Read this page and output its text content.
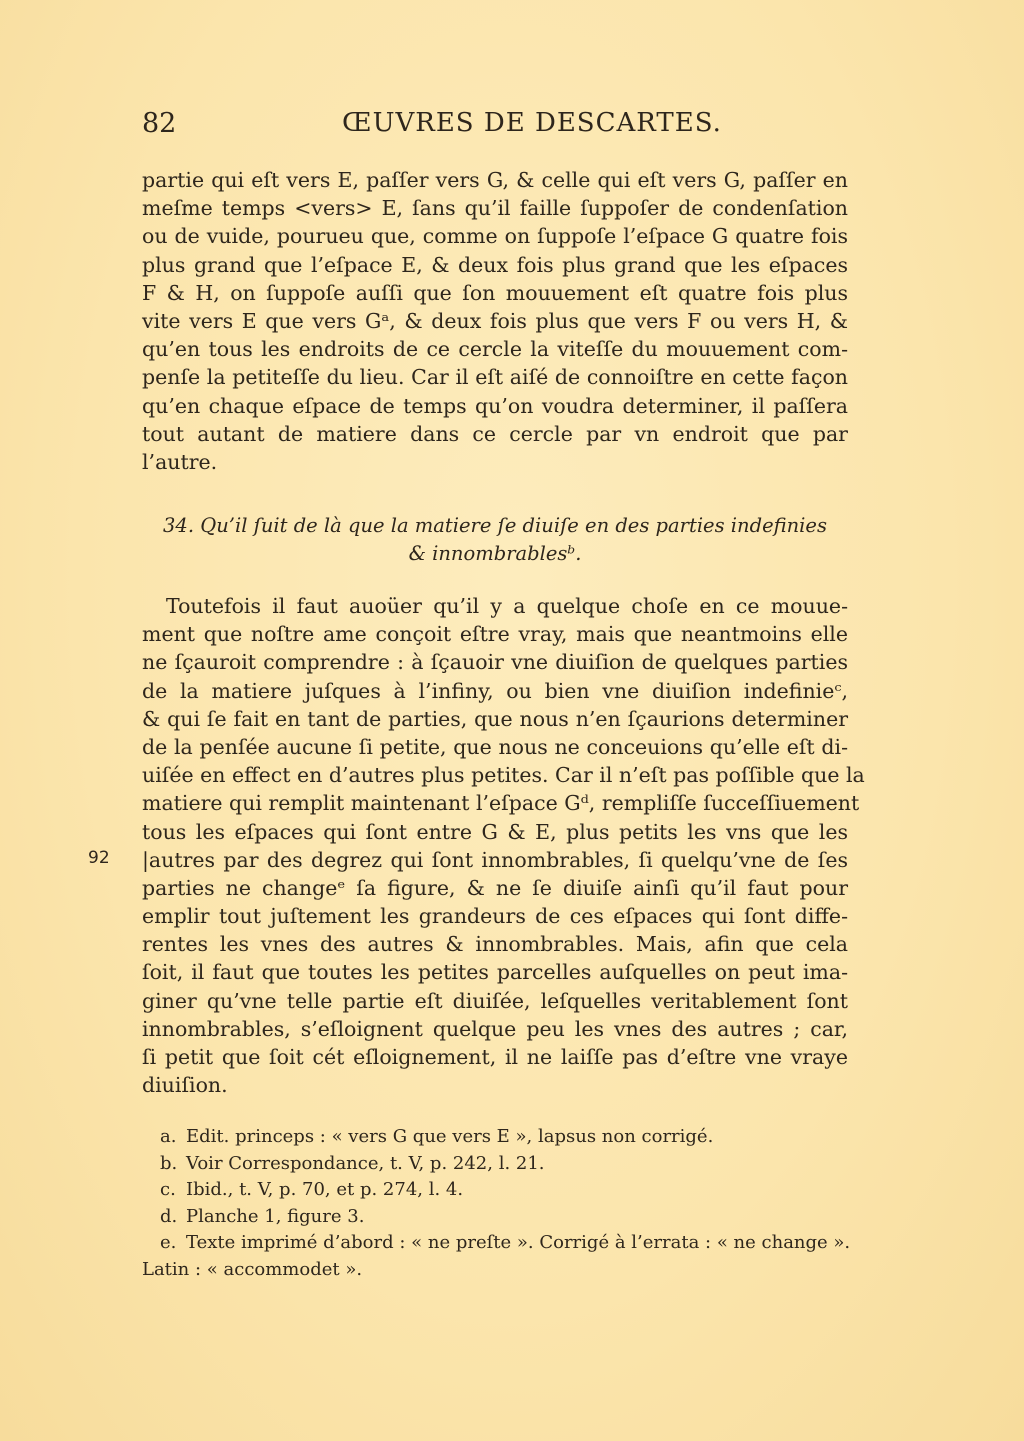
82	ŒUVRES DE DESCARTES.
partie qui eſt vers E, paſſer vers G, & celle qui eſt vers G, paſſer en
meſme temps <vers> E, ſans qu’il faille ſuppoſer de condenſation
ou de vuide, pourueu que, comme on ſuppoſe l’eſpace G quatre fois
plus grand que l’eſpace E, & deux fois plus grand que les eſpaces
F & H, on ſuppoſe auſſi que ſon mouuement eſt quatre fois plus
vite vers E que vers Gᵃ, & deux fois plus que vers F ou vers H, &
qu’en tous les endroits de ce cercle la viteſſe du mouuement com-
penſe la petiteſſe du lieu. Car il eſt aiſé de connoiſtre en cette façon
qu’en chaque eſpace de temps qu’on voudra determiner, il paſſera
tout autant de matiere dans ce cercle par vn endroit que par
l’autre.
34. Qu’il ſuit de là que la matiere ſe diuiſe en des parties indefinies
& innombrablesᵇ.
Toutefois il faut auoüer qu’il y a quelque choſe en ce mouue-
ment que noſtre ame conçoit eſtre vray, mais que neantmoins elle
ne ſçauroit comprendre : à ſçauoir vne diuiſion de quelques parties
de la matiere juſques à l’infiny, ou bien vne diuiſion indefinieᶜ,
& qui ſe fait en tant de parties, que nous n’en ſçaurions determiner
de la penſée aucune ſi petite, que nous ne conceuions qu’elle eſt di-
uiſée en effect en d’autres plus petites. Car il n’eſt pas poſſible que la
matiere qui remplit maintenant l’eſpace Gᵈ, rempliſſe ſucceſſiuement
tous les eſpaces qui ſont entre G & E, plus petits les vns que les
|autres par des degrez qui ſont innombrables, ſi quelqu’vne de ſes
parties ne changeᵉ ſa figure, & ne ſe diuiſe ainſi qu’il faut pour
emplir tout juſtement les grandeurs de ces eſpaces qui ſont diffe-
rentes les vnes des autres & innombrables. Mais, afin que cela
ſoit, il faut que toutes les petites parcelles auſquelles on peut ima-
giner qu’vne telle partie eſt diuiſée, leſquelles veritablement ſont
innombrables, s’eſloignent quelque peu les vnes des autres ; car,
ſi petit que ſoit cét eſloignement, il ne laiſſe pas d’eſtre vne vraye
diuiſion.
92
a. Edit. princeps : « vers G que vers E », lapsus non corrigé.
b. Voir Correspondance, t. V, p. 242, l. 21.
c. Ibid., t. V, p. 70, et p. 274, l. 4.
d. Planche 1, figure 3.
e. Texte imprimé d’abord : « ne preſte ». Corrigé à l’errata : « ne change ».
Latin : « accommodet ».
